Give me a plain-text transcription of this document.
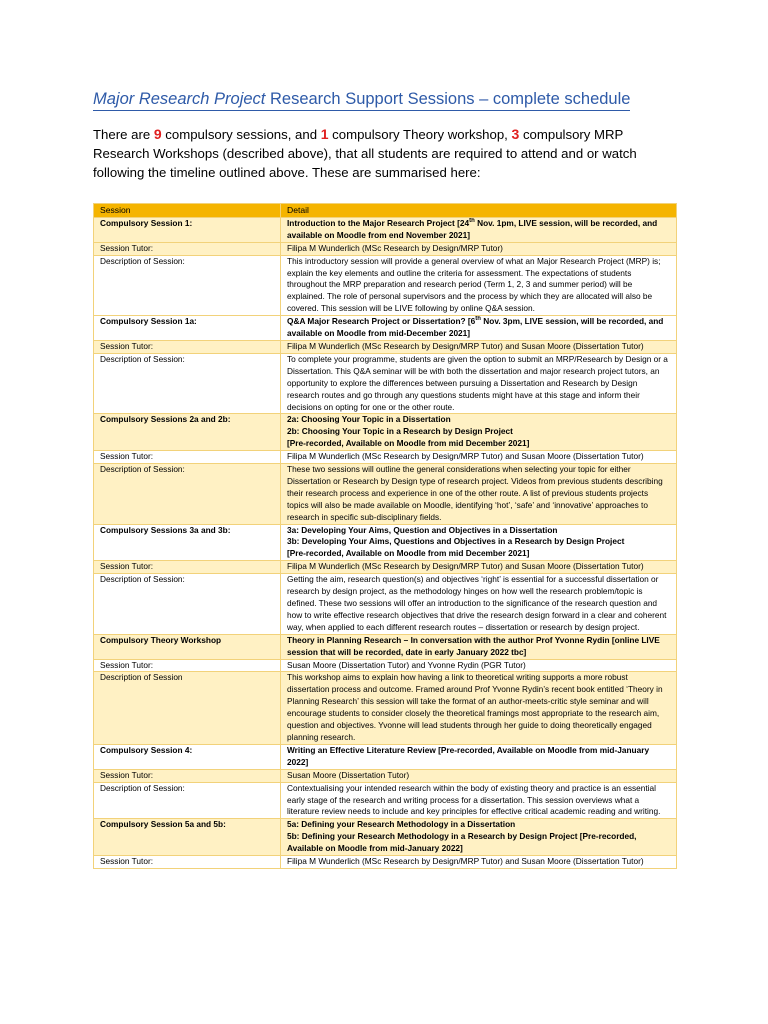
Major Research Project Research Support Sessions – complete schedule
There are 9 compulsory sessions, and 1 compulsory Theory workshop, 3 compulsory MRP Research Workshops (described above), that all students are required to attend and or watch following the timeline outlined above. These are summarised here:
Session	Detail
Compulsory Session 1:	Introduction to the Major Research Project [24th Nov. 1pm, LIVE session, will be recorded, and available on Moodle from end November 2021]
Session Tutor:	Filipa M Wunderlich (MSc Research by Design/MRP Tutor)
Description of Session:	This introductory session will provide a general overview of what an Major Research Project (MRP) is; explain the key elements and outline the criteria for assessment. The expectations of students throughout the MRP preparation and research period (Term 1, 2, 3 and summer period) will be explained. The role of personal supervisors and the process by which they are allocated will also be covered. This session will be LIVE following by online Q&A session.
Compulsory Session 1a:	Q&A Major Research Project or Dissertation? [6th Nov. 3pm, LIVE session, will be recorded, and available on Moodle from mid-December 2021]
Session Tutor:	Filipa M Wunderlich (MSc Research by Design/MRP Tutor) and Susan Moore (Dissertation Tutor)
Description of Session:	To complete your programme, students are given the option to submit an MRP/Research by Design or a Dissertation. This Q&A seminar will be with both the dissertation and major research project tutors, an opportunity to explore the differences between pursuing a Dissertation and Research by Design research routes and go through any questions students might have at this stage and inform their decisions on opting for one or the other route.
Compulsory Sessions 2a and 2b:	2a: Choosing Your Topic in a Dissertation
2b: Choosing Your Topic in a Research by Design Project
[Pre-recorded, Available on Moodle from mid December 2021]

Session Tutor:	Filipa M Wunderlich (MSc Research by Design/MRP Tutor) and Susan Moore (Dissertation Tutor)
Description of Session:	These two sessions will outline the general considerations when selecting your topic for either Dissertation or Research by Design type of research project. Videos from previous students describing their research process and experience in one of the other route. A list of previous students projects topics will also be made available on Moodle, identifying ‘hot’, ‘safe’ and ‘innovative’ approaches to research in specific sub-disciplinary fields.
Compulsory Sessions 3a and 3b:	3a: Developing Your Aims, Question and Objectives in a Dissertation
3b: Developing Your Aims, Questions and Objectives in a Research by Design Project
[Pre-recorded, Available on Moodle from mid December 2021]

Session Tutor:	Filipa M Wunderlich (MSc Research by Design/MRP Tutor) and Susan Moore (Dissertation Tutor)
Description of Session:	Getting the aim, research question(s) and objectives ‘right’ is essential for a successful dissertation or research by design project, as the methodology hinges on how well the research problem/topic is defined. These two sessions will offer an introduction to the significance of the research question and how to write effective research objectives that drive the research design forward in a clear and coherent way, when applied to each different research routes – dissertation or research by design project.
Compulsory Theory Workshop	Theory in Planning Research – In conversation with the author Prof Yvonne Rydin [online LIVE session that will be recorded, date in early January 2022 tbc]
Session Tutor:	Susan Moore (Dissertation Tutor) and Yvonne Rydin (PGR Tutor)
Description of Session	This workshop aims to explain how having a link to theoretical writing supports a more robust dissertation process and outcome. Framed around Prof Yvonne Rydin’s recent book entitled ‘Theory in Planning Research’ this session will take the format of an author-meets-critic style seminar and will encourage students to consider closely the theoretical framings most appropriate to the research aim, question and objectives. Yvonne will lead students through her guide to doing theoretically engaged planning research.
Compulsory Session 4:	Writing an Effective Literature Review [Pre-recorded, Available on Moodle from mid-January 2022]
Session Tutor:	Susan Moore (Dissertation Tutor)
Description of Session:	Contextualising your intended research within the body of existing theory and practice is an essential early stage of the research and writing process for a dissertation. This session overviews what a literature review needs to include and key principles for effective critical academic reading and writing.
Compulsory Session 5a and 5b:	5a: Defining your Research Methodology in a Dissertation
5b: Defining your Research Methodology in a Research by Design Project [Pre-recorded, Available on Moodle from mid-January 2022]

Session Tutor:	Filipa M Wunderlich (MSc Research by Design/MRP Tutor) and Susan Moore (Dissertation Tutor)
